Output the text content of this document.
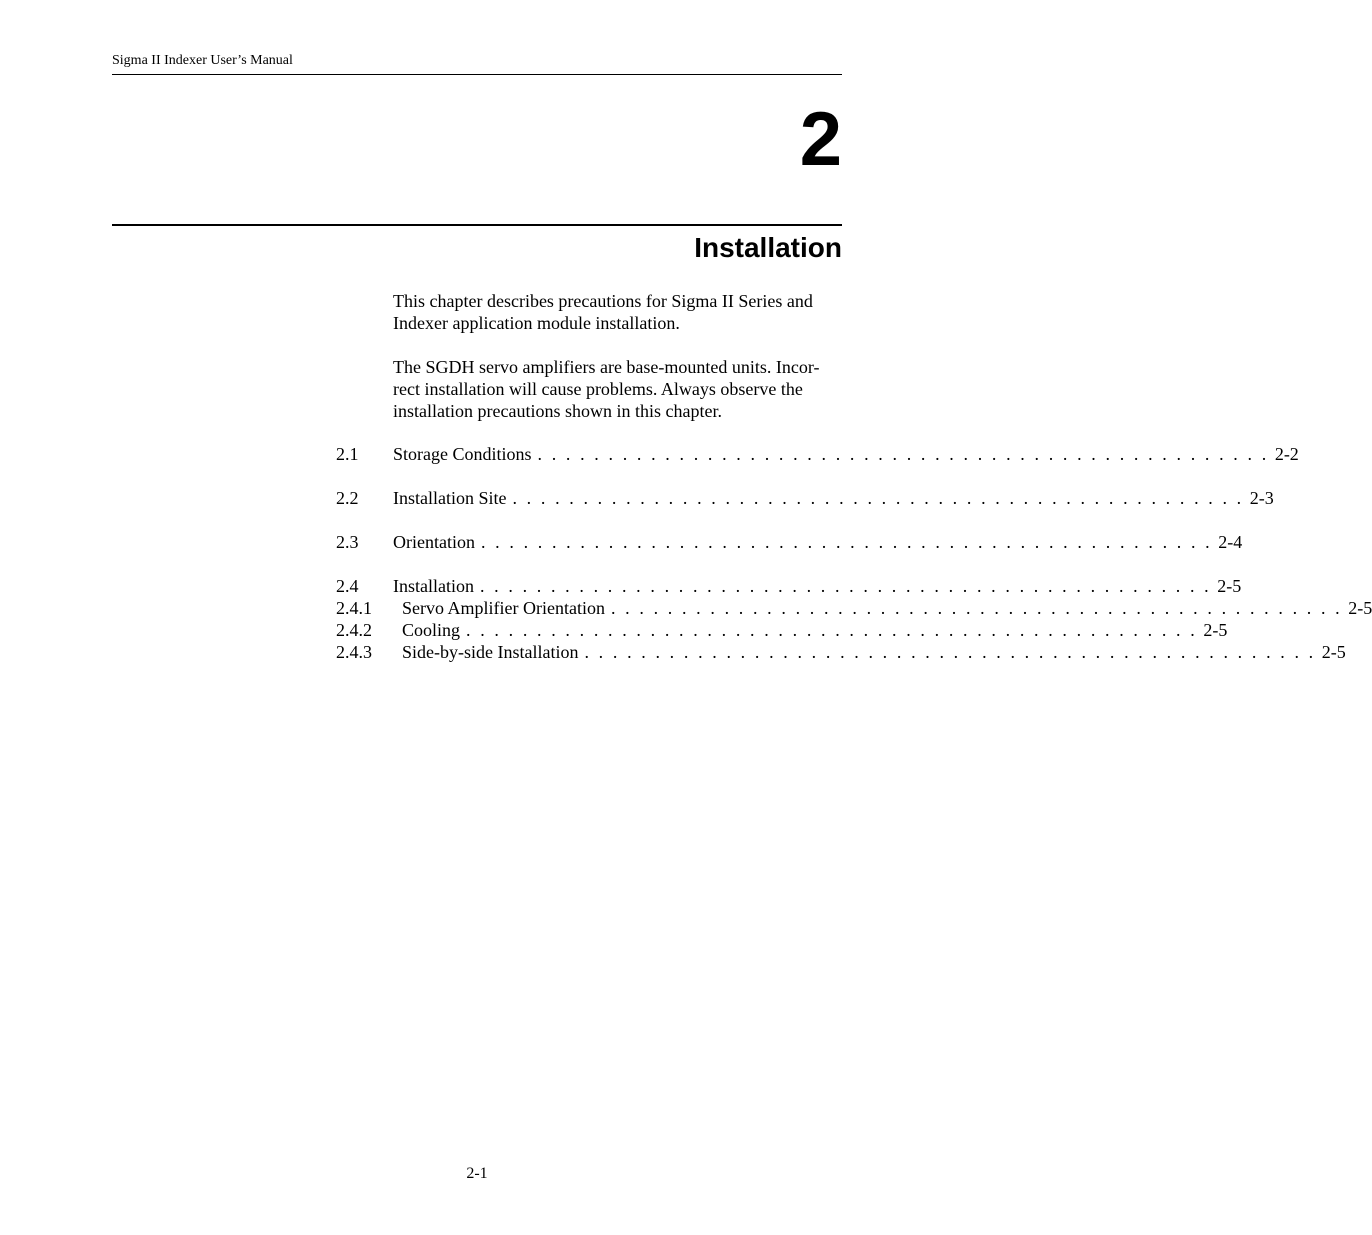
Sigma II Indexer User’s Manual
2
Installation

This chapter describes precautions for Sigma II Series and Indexer application module installation.

The SGDH servo amplifiers are base-mounted units. Incor-rect installation will cause problems. Always observe the installation precautions shown in this chapter.

2.1	Storage Conditions . . . . . . . . . . . . . . . . . . . . . . . . . . . . . . . . . . . . . . . . . . . . . . . . . . . . 2-2
2.2	Installation Site . . . . . . . . . . . . . . . . . . . . . . . . . . . . . . . . . . . . . . . . . . . . . . . . . . . . 2-3
2.3	Orientation . . . . . . . . . . . . . . . . . . . . . . . . . . . . . . . . . . . . . . . . . . . . . . . . . . . . 2-4
2.4	Installation . . . . . . . . . . . . . . . . . . . . . . . . . . . . . . . . . . . . . . . . . . . . . . . . . . . . 2-5
2.4.1	Servo Amplifier Orientation . . . . . . . . . . . . . . . . . . . . . . . . . . . . . . . . . . . . . . . . . . . . . . . . . . . . 2-5
2.4.2	Cooling . . . . . . . . . . . . . . . . . . . . . . . . . . . . . . . . . . . . . . . . . . . . . . . . . . . . 2-5
2.4.3	Side-by-side Installation . . . . . . . . . . . . . . . . . . . . . . . . . . . . . . . . . . . . . . . . . . . . . . . . . . . . 2-5
2-1
